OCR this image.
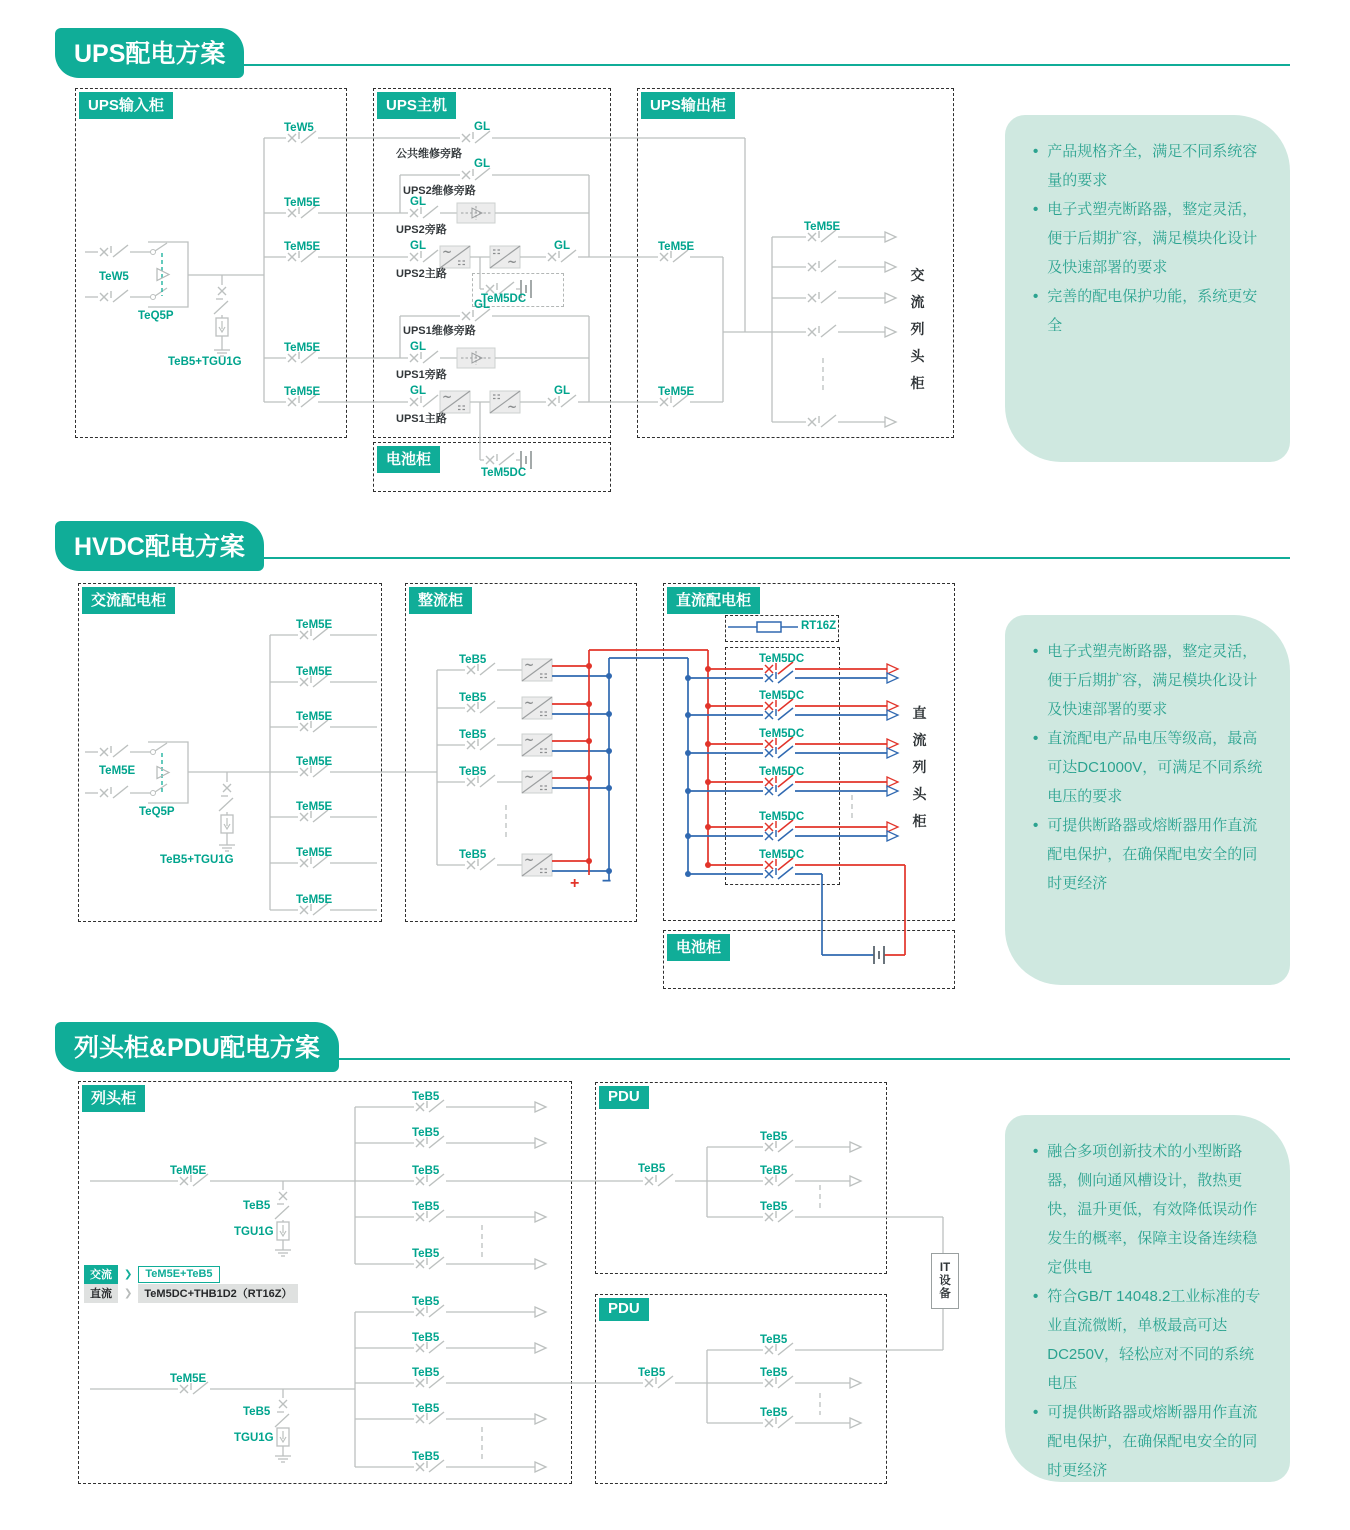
~
~
~
~
~
~
~
~
~
UPS配电方案
HVDC配电方案
列头柜&PDU配电方案
UPS输入柜	UPS主机	UPS输出柜
电池柜
交流配电柜	整流柜	直流配电柜
电池柜
列头柜	PDU
PDU
TeW5
TeM5E
TeM5E
TeM5E
TeM5E
TeW5
TeQ5P
TeB5+TGU1G
GL
GL
GL
GL	GL
GL
GL
GL	GL
公共维修旁路
UPS2维修旁路
UPS2旁路
UPS2主路
UPS1维修旁路
UPS1旁路
UPS1主路
TeM5DC
TeM5DC
TeM5E
TeM5E
TeM5E
交流列头柜
TeM5E
TeQ5P
TeB5+TGU1G
+ −
RT16Z
直流列头柜
TeM5E
TeB5
TGU1G
TeM5E
TeB5
TGU1G
TeB5
TeB5
TeM5E
TeM5E
TeM5E
TeM5E
TeM5E
TeM5E
TeM5E
TeB5
TeB5
TeB5
TeB5
TeB5
TeM5DC
TeM5DC
TeM5DC
TeM5DC
TeM5DC
TeM5DC
TeB5
TeB5
TeB5
TeB5
TeB5
TeB5
TeB5
TeB5
TeB5
TeB5
TeB5
TeB5
TeB5
TeB5
TeB5
TeB5
IT设备
交流	❯	TeM5E+TeB5
直流	❯	TeM5DC+THB1D2（RT16Z）
• 产品规格齐全，满足不同系统容量的要求
• 电子式塑壳断路器，整定灵活，便于后期扩容，满足模块化设计及快速部署的要求
• 完善的配电保护功能，系统更安全
• 电子式塑壳断路器，整定灵活，便于后期扩容，满足模块化设计及快速部署的要求
• 直流配电产品电压等级高，最高可达DC1000V，可满足不同系统电压的要求
• 可提供断路器或熔断器用作直流配电保护，在确保配电安全的同时更经济
• 融合多项创新技术的小型断路器，侧向通风槽设计，散热更快，温升更低，有效降低误动作发生的概率，保障主设备连续稳定供电
• 符合GB/T 14048.2工业标准的专业直流微断，单极最高可达DC250V，轻松应对不同的系统电压
• 可提供断路器或熔断器用作直流配电保护，在确保配电安全的同时更经济
